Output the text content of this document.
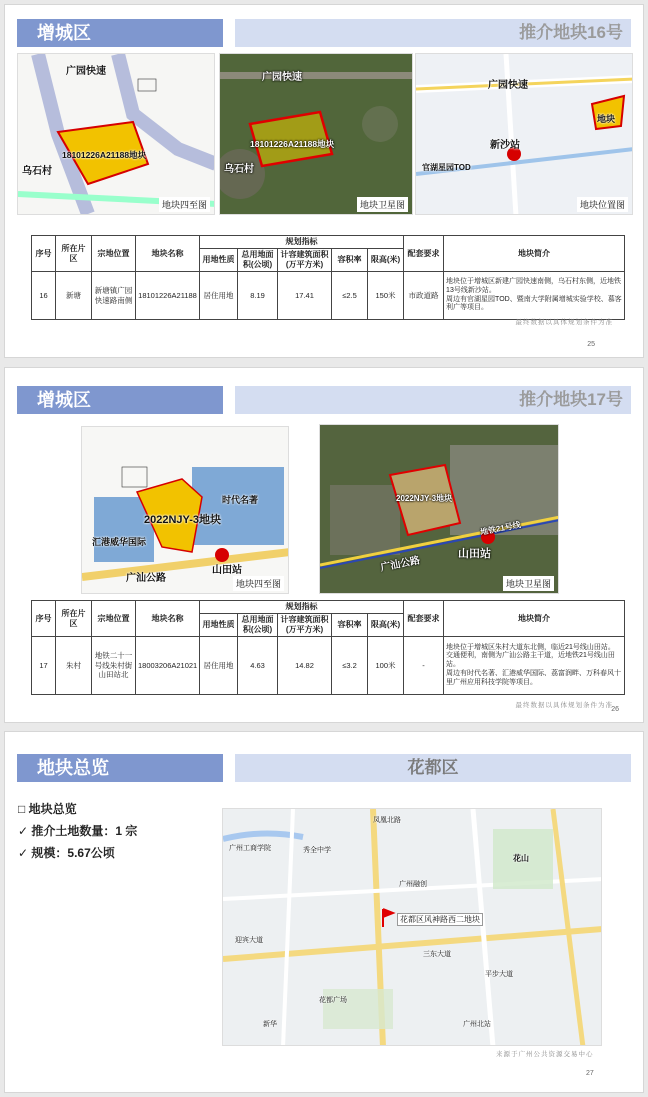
增城区	推介地块16号
广园快速
18101226A21188地块
乌石村
地块四至图
广园快速
18101226A21188地块
乌石村
地块卫星图
广园快速
地块
新沙站
官湖星园TOD
地块位置图
序号	所在片区	宗地位置	地块名称	规划指标					配套要求	地块简介
				用地性质	总用地面积(公顷)	计容建筑面积(万平方米)	容积率	限高(米)		
16	新塘	新塘镇广园快速路南侧	18101226A21188	居住用地	8.19	17.41	≤2.5	150米	市政道路	地块位于增城区新建广园快速南侧，乌石村东侧，近地铁13号线新沙站。
周边有官湖星园TOD、暨南大学附属增城实验学校、慕客利广等项目。
最终数据以具体规划条件为准
25
增城区	推介地块17号
2022NJY-3地块
时代名著
汇港威华国际
广汕公路
山田站
地块四至图
2022NJY-3地块
地铁21号线
广汕公路
山田站
地块卫星图
序号	所在片区	宗地位置	地块名称	规划指标					配套要求	地块简介
				用地性质	总用地面积(公顷)	计容建筑面积(万平方米)	容积率	限高(米)		
17	朱村	地铁二十一号线朱村街山田站北	18003206A21021	居住用地	4.63	14.82	≤3.2	100米	-	地块位于增城区朱村大道东北侧，临近21号线山田站。
交通便利，南侧为广汕公路主干道，近地铁21号线山田站。
周边有时代名著、汇港威华国际、荔富润畔、万科春风十里广州应用科技学院等项目。
最终数据以具体规划条件为准
26
地块总览	花都区
□ 地块总览
✓ 推介土地数量：1 宗
✓ 规模：5.67公顷
花都区风神路西二地块
广州工商学院	秀全中学
广州融创
三东大道
广州北站
花都广场
平步大道
新华
花山
迎宾大道
凤凰北路
来源于广州公共资源交易中心
27
